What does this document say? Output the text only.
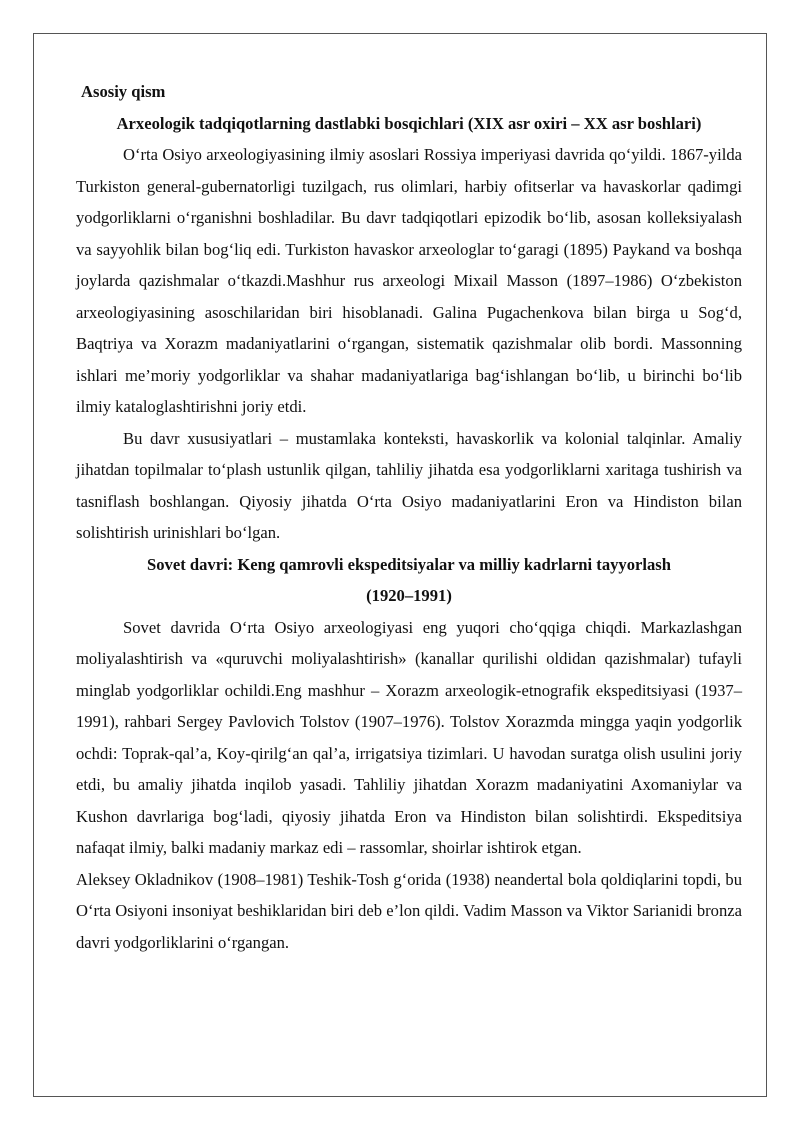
Asosiy qism

Arxeologik tadqiqotlarning dastlabki bosqichlari (XIX asr oxiri – XX asr boshlari)

O‘rta Osiyo arxeologiyasining ilmiy asoslari Rossiya imperiyasi davrida qo‘yildi. 1867-yilda Turkiston general-gubernatorligi tuzilgach, rus olimlari, harbiy ofitserlar va havaskorlar qadimgi yodgorliklarni o‘rganishni boshladilar. Bu davr tadqiqotlari epizodik bo‘lib, asosan kolleksiyalash va sayyohlik bilan bog‘liq edi. Turkiston havaskor arxeologlar to‘garagi (1895) Paykand va boshqa joylarda qazishmalar o‘tkazdi.Mashhur rus arxeologi Mixail Masson (1897–1986) O‘zbekiston arxeologiyasining asoschilaridan biri hisoblanadi. Galina Pugachenkova bilan birga u Sog‘d, Baqtriya va Xorazm madaniyatlarini o‘rgangan, sistematik qazishmalar olib bordi. Massonning ishlari me’moriy yodgorliklar va shahar madaniyatlariga bag‘ishlangan bo‘lib, u birinchi bo‘lib ilmiy kataloglashtirishni joriy etdi.

Bu davr xususiyatlari – mustamlaka konteksti, havaskorlik va kolonial talqinlar. Amaliy jihatdan topilmalar to‘plash ustunlik qilgan, tahliliy jihatda esa yodgorliklarni xaritaga tushirish va tasniflash boshlangan. Qiyosiy jihatda O‘rta Osiyo madaniyatlarini Eron va Hindiston bilan solishtirish urinishlari bo‘lgan.

Sovet davri: Keng qamrovli ekspeditsiyalar va milliy kadrlarni tayyorlash
(1920–1991)

Sovet davrida O‘rta Osiyo arxeologiyasi eng yuqori cho‘qqiga chiqdi. Markazlashgan moliyalashtirish va «quruvchi moliyalashtirish» (kanallar qurilishi oldidan qazishmalar) tufayli minglab yodgorliklar ochildi.Eng mashhur – Xorazm arxeologik-etnografik ekspeditsiyasi (1937–1991), rahbari Sergey Pavlovich Tolstov (1907–1976). Tolstov Xorazmda mingga yaqin yodgorlik ochdi: Toprak-qal’a, Koy-qirilg‘an qal’a, irrigatsiya tizimlari. U havodan suratga olish usulini joriy etdi, bu amaliy jihatda inqilob yasadi. Tahliliy jihatdan Xorazm madaniyatini Axomaniylar va Kushon davrlariga bog‘ladi, qiyosiy jihatda Eron va Hindiston bilan solishtirdi. Ekspeditsiya nafaqat ilmiy, balki madaniy markaz edi – rassomlar, shoirlar ishtirok etgan.

Aleksey Okladnikov (1908–1981) Teshik-Tosh g‘orida (1938) neandertal bola qoldiqlarini topdi, bu O‘rta Osiyoni insoniyat beshiklaridan biri deb e’lon qildi. Vadim Masson va Viktor Sarianidi bronza davri yodgorliklarini o‘rgangan.
